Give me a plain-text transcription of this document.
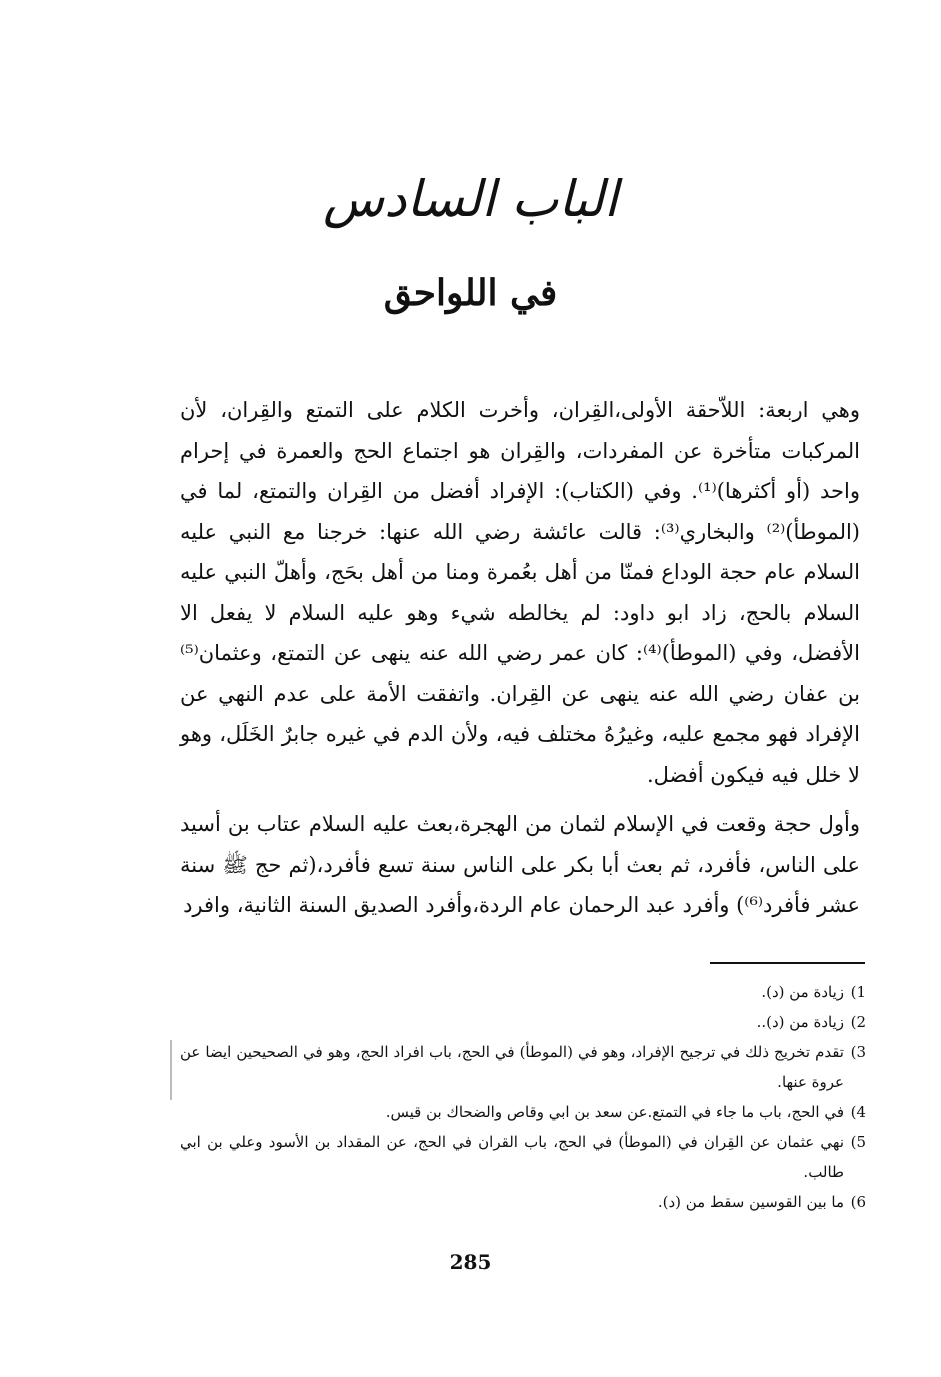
الباب السادس
في اللواحق

وهي اربعة: اللاّحقة الأولى،القِران، وأخرت الكلام على التمتع والقِران، لأن المركبات متأخرة عن المفردات، والقِران هو اجتماع الحج والعمرة في إحرام واحد (أو أكثرها)⁽¹⁾. وفي (الكتاب): الإفراد أفضل من القِران والتمتع، لما في (الموطأ)⁽²⁾ والبخاري⁽³⁾: قالت عائشة رضي الله عنها: خرجنا مع النبي عليه السلام عام حجة الوداع فمنّا من أهل بعُمرة ومنا من أهل بحَج، وأهلّ النبي عليه السلام بالحج، زاد ابو داود: لم يخالطه شيء وهو عليه السلام لا يفعل الا الأفضل، وفي (الموطأ)⁽⁴⁾: كان عمر رضي الله عنه ينهى عن التمتع، وعثمان⁽⁵⁾ بن عفان رضي الله عنه ينهى عن القِران. واتفقت الأمة على عدم النهي عن الإفراد فهو مجمع عليه، وغيرُهُ مختلف فيه، ولأن الدم في غيره جابرٌ الخَلَل، وهو لا خلل فيه فيكون أفضل.

وأول حجة وقعت في الإسلام لثمان من الهجرة،بعث عليه السلام عتاب بن أسيد على الناس، فأفرد، ثم بعث أبا بكر على الناس سنة تسع فأفرد،(ثم حج ﷺ سنة عشر فأفرد⁽⁶⁾) وأفرد عبد الرحمان عام الردة،وأفرد الصديق السنة الثانية، وافرد

1)
زيادة من (د).
2)
زيادة من (د)..
3)
تقدم تخريج ذلك في ترجيح الإفراد، وهو في (الموطأ) في الحج، باب افراد الحج، وهو في الصحيحين ايضا عن عروة عنها.
4)
في الحج، باب ما جاء في التمتع.عن سعد بن ابي وقاص والضحاك بن قيس.
5)
نهي عثمان عن القِران في (الموطأ) في الحج، باب القران في الحج، عن المقداد بن الأسود وعلي بن ابي طالب.
6)
ما بين القوسين سقط من (د).
285
